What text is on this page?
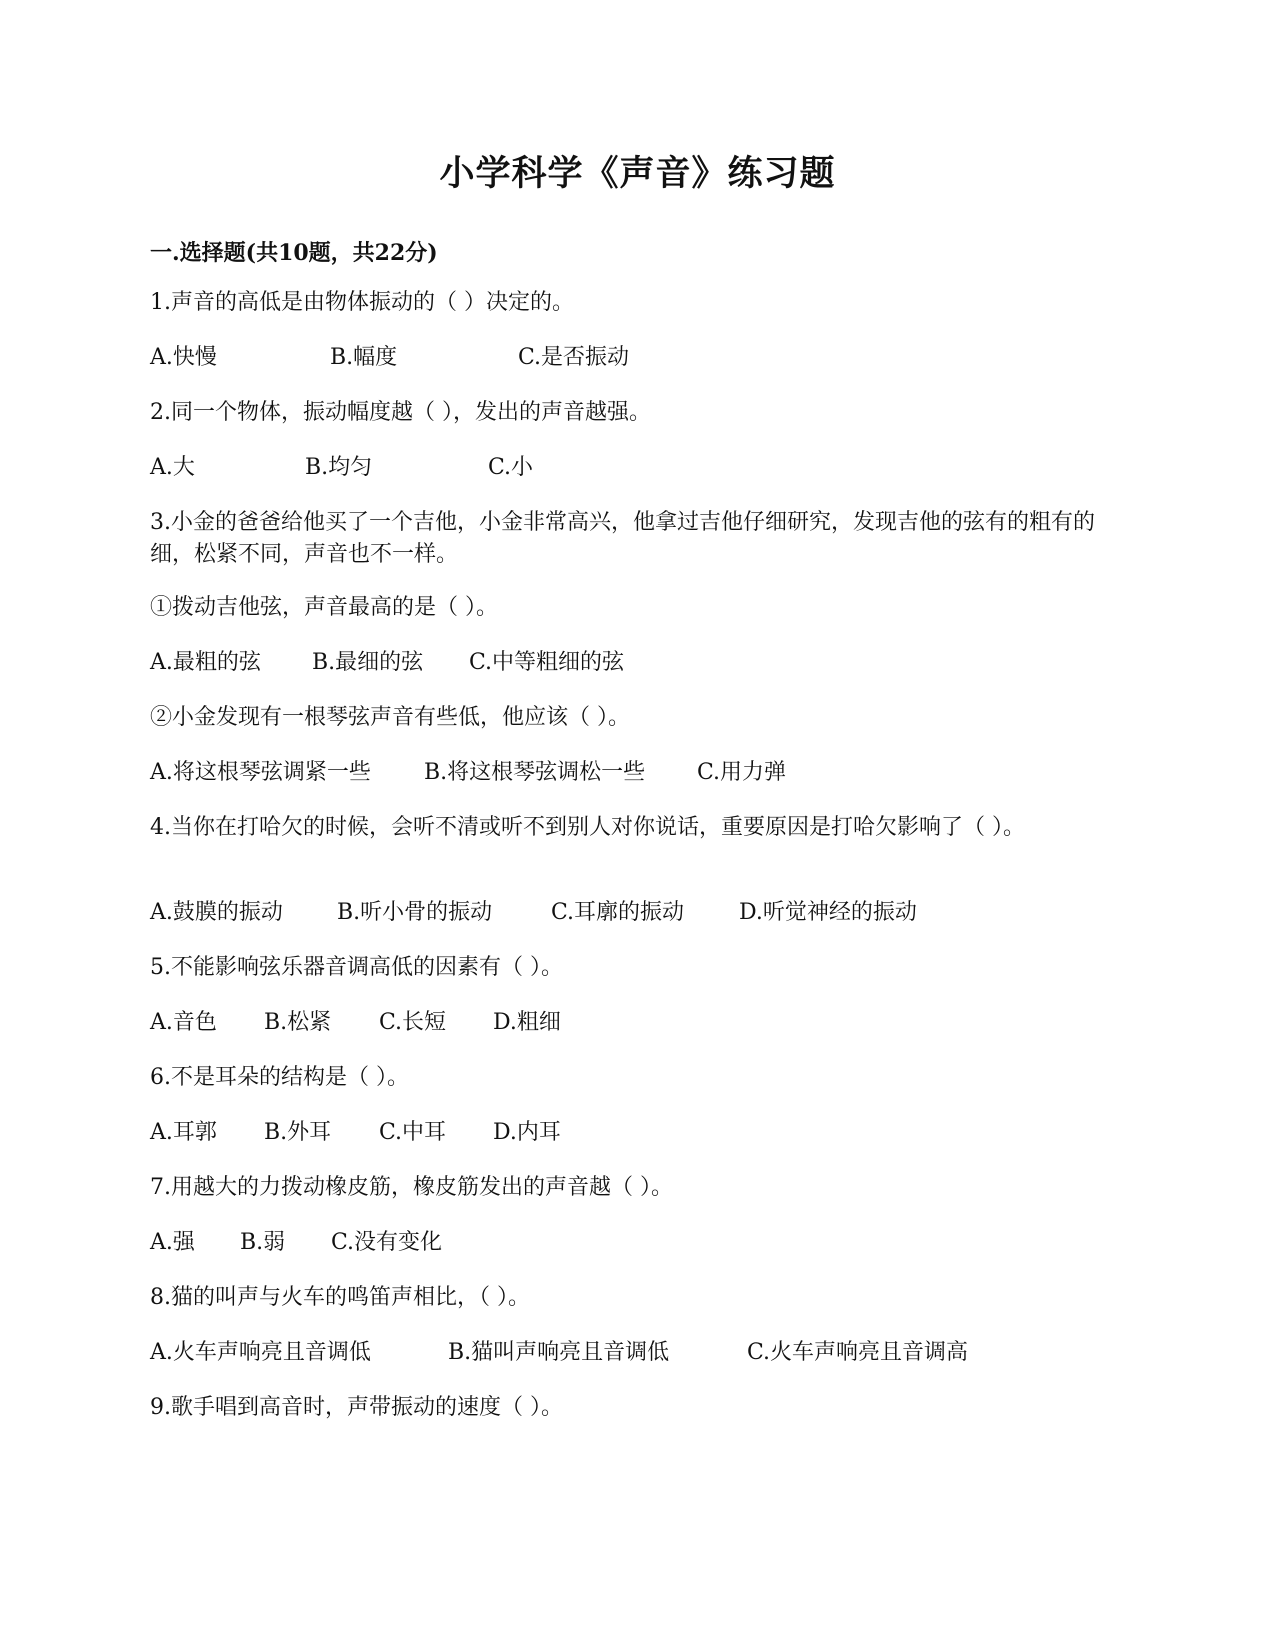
小学科学《声音》练习题
一.选择题(共10题，共22分)
1.声音的高低是由物体振动的（ ）决定的。
A.快慢	B.幅度	C.是否振动
2.同一个物体，振动幅度越（ ），发出的声音越强。
A.大	B.均匀	C.小
3.小金的爸爸给他买了一个吉他，小金非常高兴，他拿过吉他仔细研究，发现吉他的弦有的粗有的细，松紧不同，声音也不一样。
①拨动吉他弦，声音最高的是（ ）。
A.最粗的弦 B.最细的弦 C.中等粗细的弦
②小金发现有一根琴弦声音有些低，他应该（ ）。
A.将这根琴弦调紧一些 B.将这根琴弦调松一些 C.用力弹
4.当你在打哈欠的时候，会听不清或听不到别人对你说话，重要原因是打哈欠影响了（ ）。
A.鼓膜的振动 B.听小骨的振动	C.耳廓的振动 D.听觉神经的振动
5.不能影响弦乐器音调高低的因素有（ ）。
A.音色 B.松紧 C.长短 D.粗细
6.不是耳朵的结构是（ ）。
A.耳郭 B.外耳 C.中耳 D.内耳
7.用越大的力拨动橡皮筋，橡皮筋发出的声音越（ ）。
A.强 B.弱 C.没有变化
8.猫的叫声与火车的鸣笛声相比，（ ）。
A.火车声响亮且音调低	B.猫叫声响亮且音调低	C.火车声响亮且音调高
9.歌手唱到高音时，声带振动的速度（ ）。
